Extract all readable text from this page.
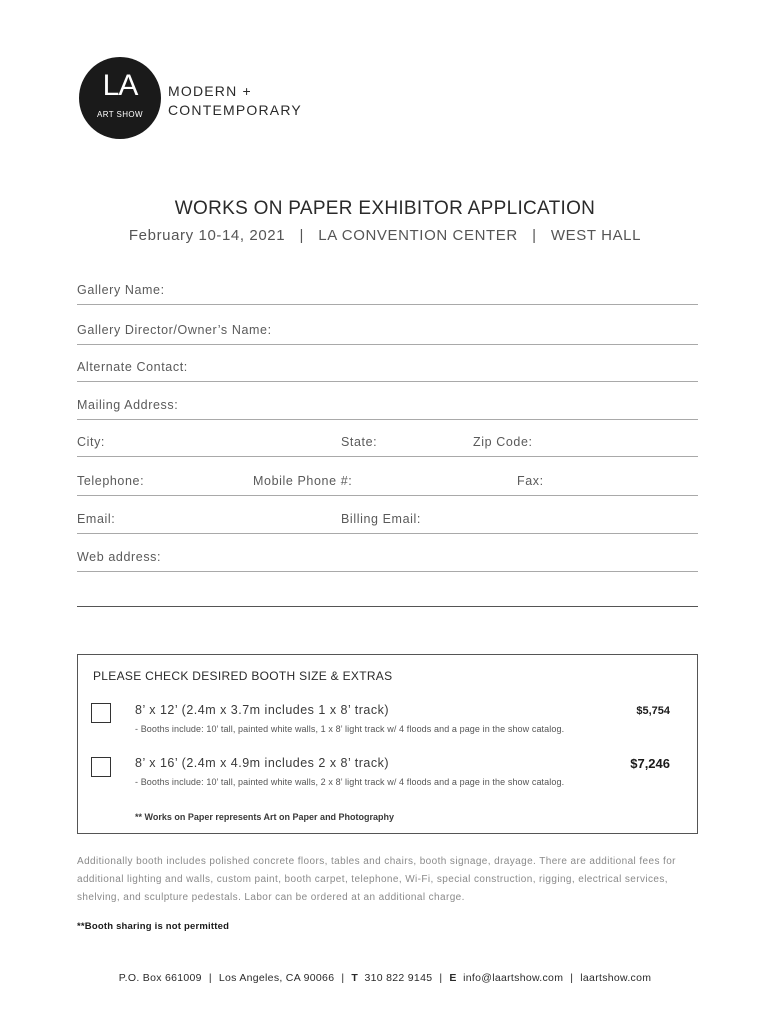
LA
ART SHOW
MODERN +
CONTEMPORARY
WORKS ON PAPER EXHIBITOR APPLICATION
February 10-14, 2021   |   LA CONVENTION CENTER   |   WEST HALL
Gallery Name:
Gallery Director/Owner’s Name:
Alternate Contact:
Mailing Address:
City:	State:	Zip Code:
Telephone:	Mobile Phone #:	Fax:
Email:	Billing Email:
Web address:
PLEASE CHECK DESIRED BOOTH SIZE & EXTRAS
8’ x 12’ (2.4m x 3.7m includes 1 x 8’ track)	$5,754
- Booths include: 10’ tall, painted white walls, 1 x 8’ light track w/ 4 floods and a page in the show catalog.
8’ x 16’ (2.4m x 4.9m includes 2 x 8’ track)	$7,246
- Booths include: 10’ tall, painted white walls, 2 x 8’ light track w/ 4 floods and a page in the show catalog.
** Works on Paper represents Art on Paper and Photography
Additionally booth includes polished concrete floors, tables and chairs, booth signage, drayage. There are additional fees for additional lighting and walls, custom paint, booth carpet, telephone, Wi-Fi, special construction, rigging, electrical services, shelving, and sculpture pedestals. Labor can be ordered at an additional charge.
**Booth sharing is not permitted
P.O. Box 661009 | Los Angeles, CA 90066 | T 310 822 9145 | E info@laartshow.com | laartshow.com
